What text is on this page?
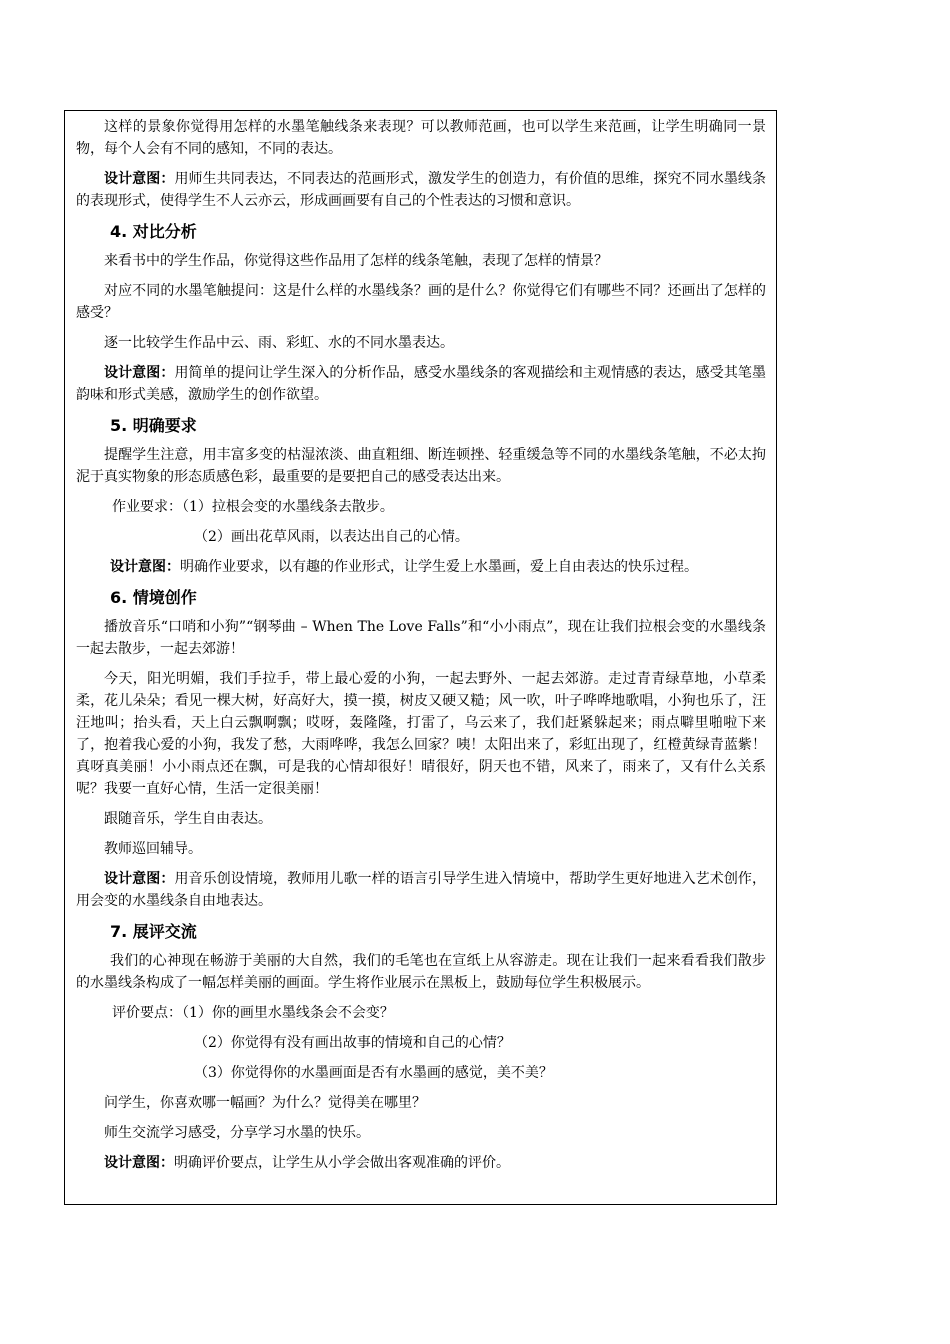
这样的景象你觉得用怎样的水墨笔触线条来表现？可以教师范画，也可以学生来范画，让学生明确同一景物，每个人会有不同的感知，不同的表达。

设计意图：用师生共同表达，不同表达的范画形式，激发学生的创造力，有价值的思维，探究不同水墨线条的表现形式，使得学生不人云亦云，形成画画要有自己的个性表达的习惯和意识。

4. 对比分析

来看书中的学生作品，你觉得这些作品用了怎样的线条笔触，表现了怎样的情景？

对应不同的水墨笔触提问：这是什么样的水墨线条？画的是什么？你觉得它们有哪些不同？还画出了怎样的感受？

逐一比较学生作品中云、雨、彩虹、水的不同水墨表达。

设计意图：用简单的提问让学生深入的分析作品，感受水墨线条的客观描绘和主观情感的表达，感受其笔墨韵味和形式美感，激励学生的创作欲望。

5. 明确要求

提醒学生注意，用丰富多变的枯湿浓淡、曲直粗细、断连顿挫、轻重缓急等不同的水墨线条笔触，不必太拘泥于真实物象的形态质感色彩，最重要的是要把自己的感受表达出来。

作业要求：（1）拉根会变的水墨线条去散步。

（2）画出花草风雨，以表达出自己的心情。

设计意图：明确作业要求，以有趣的作业形式，让学生爱上水墨画，爱上自由表达的快乐过程。

6. 情境创作

播放音乐“口哨和小狗”“钢琴曲 – When The Love Falls”和“小小雨点”，现在让我们拉根会变的水墨线条一起去散步，一起去郊游！

今天，阳光明媚，我们手拉手，带上最心爱的小狗，一起去野外、一起去郊游。走过青青绿草地，小草柔柔，花儿朵朵；看见一棵大树，好高好大，摸一摸，树皮又硬又糙；风一吹，叶子哗哗地歌唱，小狗也乐了，汪汪地叫；抬头看，天上白云飘啊飘；哎呀，轰隆隆，打雷了，乌云来了，我们赶紧躲起来；雨点噼里啪啦下来了，抱着我心爱的小狗，我发了愁，大雨哗哗，我怎么回家？咦！太阳出来了，彩虹出现了，红橙黄绿青蓝紫！真呀真美丽！小小雨点还在飘，可是我的心情却很好！晴很好，阴天也不错，风来了，雨来了，又有什么关系呢？我要一直好心情，生活一定很美丽！

跟随音乐，学生自由表达。

教师巡回辅导。

设计意图：用音乐创设情境，教师用儿歌一样的语言引导学生进入情境中，帮助学生更好地进入艺术创作，用会变的水墨线条自由地表达。

7. 展评交流

我们的心神现在畅游于美丽的大自然，我们的毛笔也在宣纸上从容游走。现在让我们一起来看看我们散步的水墨线条构成了一幅怎样美丽的画面。学生将作业展示在黑板上，鼓励每位学生积极展示。

评价要点：（1）你的画里水墨线条会不会变？

（2）你觉得有没有画出故事的情境和自己的心情？

（3）你觉得你的水墨画面是否有水墨画的感觉，美不美？

问学生，你喜欢哪一幅画？为什么？觉得美在哪里？

师生交流学习感受，分享学习水墨的快乐。

设计意图：明确评价要点，让学生从小学会做出客观准确的评价。
